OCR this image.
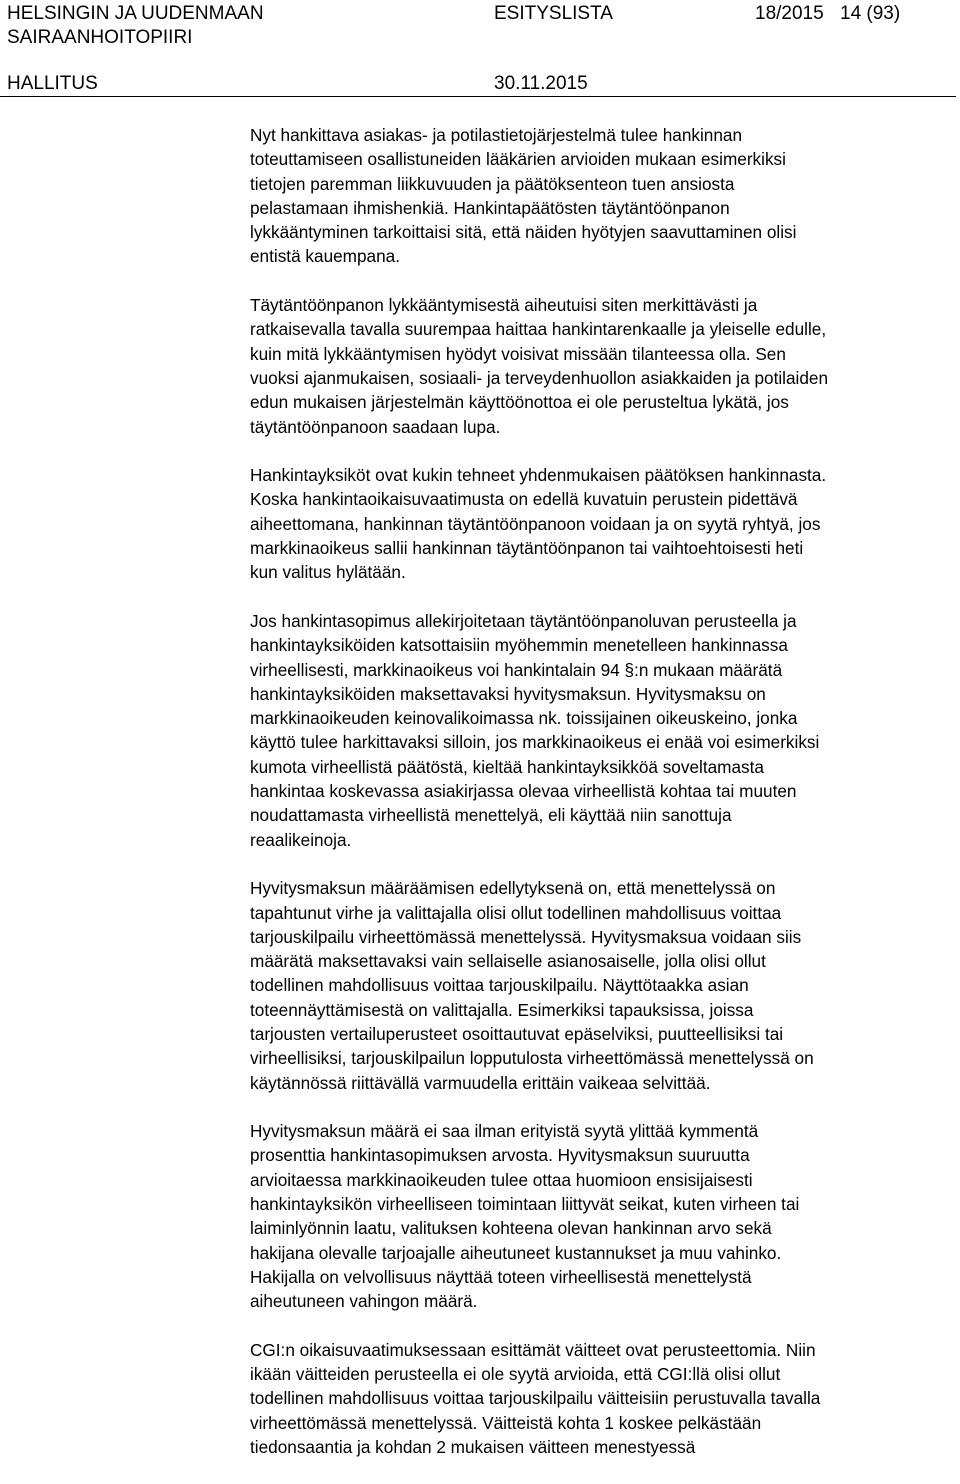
HELSINGIN JA UUDENMAAN
SAIRAANHOITOPIIRI
ESITYSLISTA	18/2015 14 (93)
HALLITUS	30.11.2015

Nyt hankittava asiakas- ja potilastietojärjestelmä tulee hankinnan
toteuttamiseen osallistuneiden lääkärien arvioiden mukaan esimerkiksi
tietojen paremman liikkuvuuden ja päätöksenteon tuen ansiosta
pelastamaan ihmishenkiä. Hankintapäätösten täytäntöönpanon
lykkääntyminen tarkoittaisi sitä, että näiden hyötyjen saavuttaminen olisi
entistä kauempana.

Täytäntöönpanon lykkääntymisestä aiheutuisi siten merkittävästi ja
ratkaisevalla tavalla suurempaa haittaa hankintarenkaalle ja yleiselle edulle,
kuin mitä lykkääntymisen hyödyt voisivat missään tilanteessa olla. Sen
vuoksi ajanmukaisen, sosiaali- ja terveydenhuollon asiakkaiden ja potilaiden
edun mukaisen järjestelmän käyttöönottoa ei ole perusteltua lykätä, jos
täytäntöönpanoon saadaan lupa.

Hankintayksiköt ovat kukin tehneet yhdenmukaisen päätöksen hankinnasta.
Koska hankintaoikaisuvaatimusta on edellä kuvatuin perustein pidettävä
aiheettomana, hankinnan täytäntöönpanoon voidaan ja on syytä ryhtyä, jos
markkinaoikeus sallii hankinnan täytäntöönpanon tai vaihtoehtoisesti heti
kun valitus hylätään.

Jos hankintasopimus allekirjoitetaan täytäntöönpanoluvan perusteella ja
hankintayksiköiden katsottaisiin myöhemmin menetelleen hankinnassa
virheellisesti, markkinaoikeus voi hankintalain 94 §:n mukaan määrätä
hankintayksiköiden maksettavaksi hyvitysmaksun. Hyvitysmaksu on
markkinaoikeuden keinovalikoimassa nk. toissijainen oikeuskeino, jonka
käyttö tulee harkittavaksi silloin, jos markkinaoikeus ei enää voi esimerkiksi
kumota virheellistä päätöstä, kieltää hankintayksikköä soveltamasta
hankintaa koskevassa asiakirjassa olevaa virheellistä kohtaa tai muuten
noudattamasta virheellistä menettelyä, eli käyttää niin sanottuja
reaalikeinoja.

Hyvitysmaksun määräämisen edellytyksenä on, että menettelyssä on
tapahtunut virhe ja valittajalla olisi ollut todellinen mahdollisuus voittaa
tarjouskilpailu virheettömässä menettelyssä. Hyvitysmaksua voidaan siis
määrätä maksettavaksi vain sellaiselle asianosaiselle, jolla olisi ollut
todellinen mahdollisuus voittaa tarjouskilpailu. Näyttötaakka asian
toteennäyttämisestä on valittajalla. Esimerkiksi tapauksissa, joissa
tarjousten vertailuperusteet osoittautuvat epäselviksi, puutteellisiksi tai
virheellisiksi, tarjouskilpailun lopputulosta virheettömässä menettelyssä on
käytännössä riittävällä varmuudella erittäin vaikeaa selvittää.

Hyvitysmaksun määrä ei saa ilman erityistä syytä ylittää kymmentä
prosenttia hankintasopimuksen arvosta. Hyvitysmaksun suuruutta
arvioitaessa markkinaoikeuden tulee ottaa huomioon ensisijaisesti
hankintayksikön virheelliseen toimintaan liittyvät seikat, kuten virheen tai
laiminlyönnin laatu, valituksen kohteena olevan hankinnan arvo sekä
hakijana olevalle tarjoajalle aiheutuneet kustannukset ja muu vahinko.
Hakijalla on velvollisuus näyttää toteen virheellisestä menettelystä
aiheutuneen vahingon määrä.

CGI:n oikaisuvaatimuksessaan esittämät väitteet ovat perusteettomia. Niin
ikään väitteiden perusteella ei ole syytä arvioida, että CGI:llä olisi ollut
todellinen mahdollisuus voittaa tarjouskilpailu väitteisiin perustuvalla tavalla
virheettömässä menettelyssä. Väitteistä kohta 1 koskee pelkästään
tiedonsaantia ja kohdan 2 mukaisen väitteen menestyessä
